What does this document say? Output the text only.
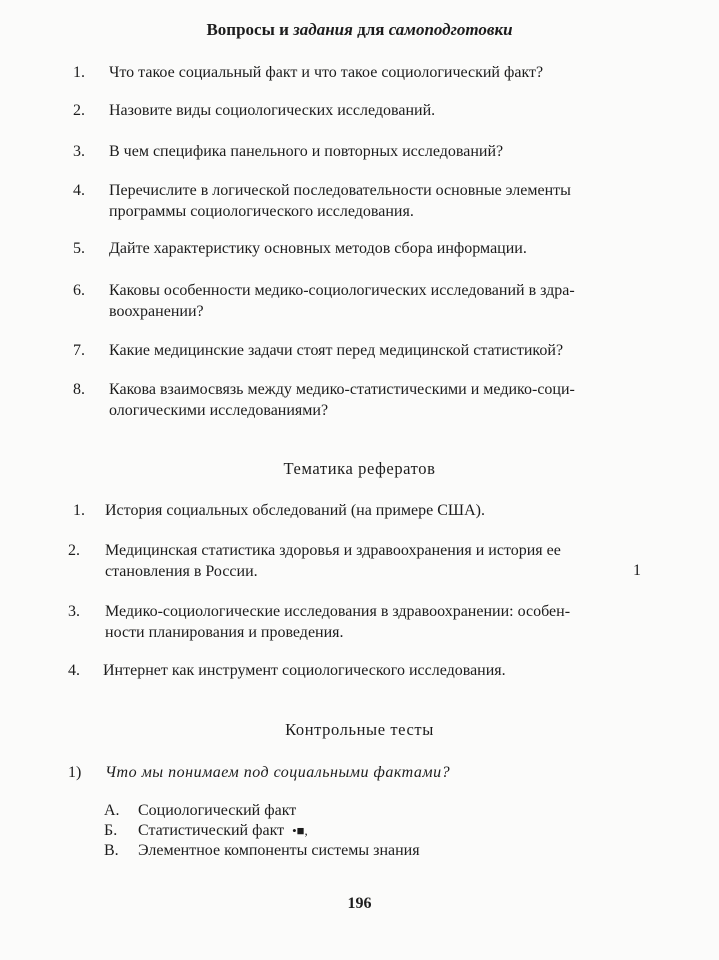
Вопросы и задания для самоподготовки
1. Что такое социальный факт и что такое социологический факт?
2. Назовите виды социологических исследований.
3. В чем специфика панельного и повторных исследований?
4. Перечислите в логической последовательности основные элементы
программы социологического исследования.
5. Дайте характеристику основных методов сбора информации.
6. Каковы особенности медико-социологических исследований в здра-
воохранении?
7. Какие медицинские задачи стоят перед медицинской статистикой?
8. Какова взаимосвязь между медико-статистическими и медико-соци-
ологическими исследованиями?
Тематика рефератов
1. История социальных обследований (на примере США).
2. Медицинская статистика здоровья и здравоохранения и история ее
становления в России.	1
3. Медико-социологические исследования в здравоохранении: особен-
ности планирования и проведения.
4. Интернет как инструмент социологического исследования.
Контрольные тесты
1) Что мы понимаем под социальными фактами?
А. Социологический факт
Б. Статистический факт •■,
В. Элементное компоненты системы знания
196
